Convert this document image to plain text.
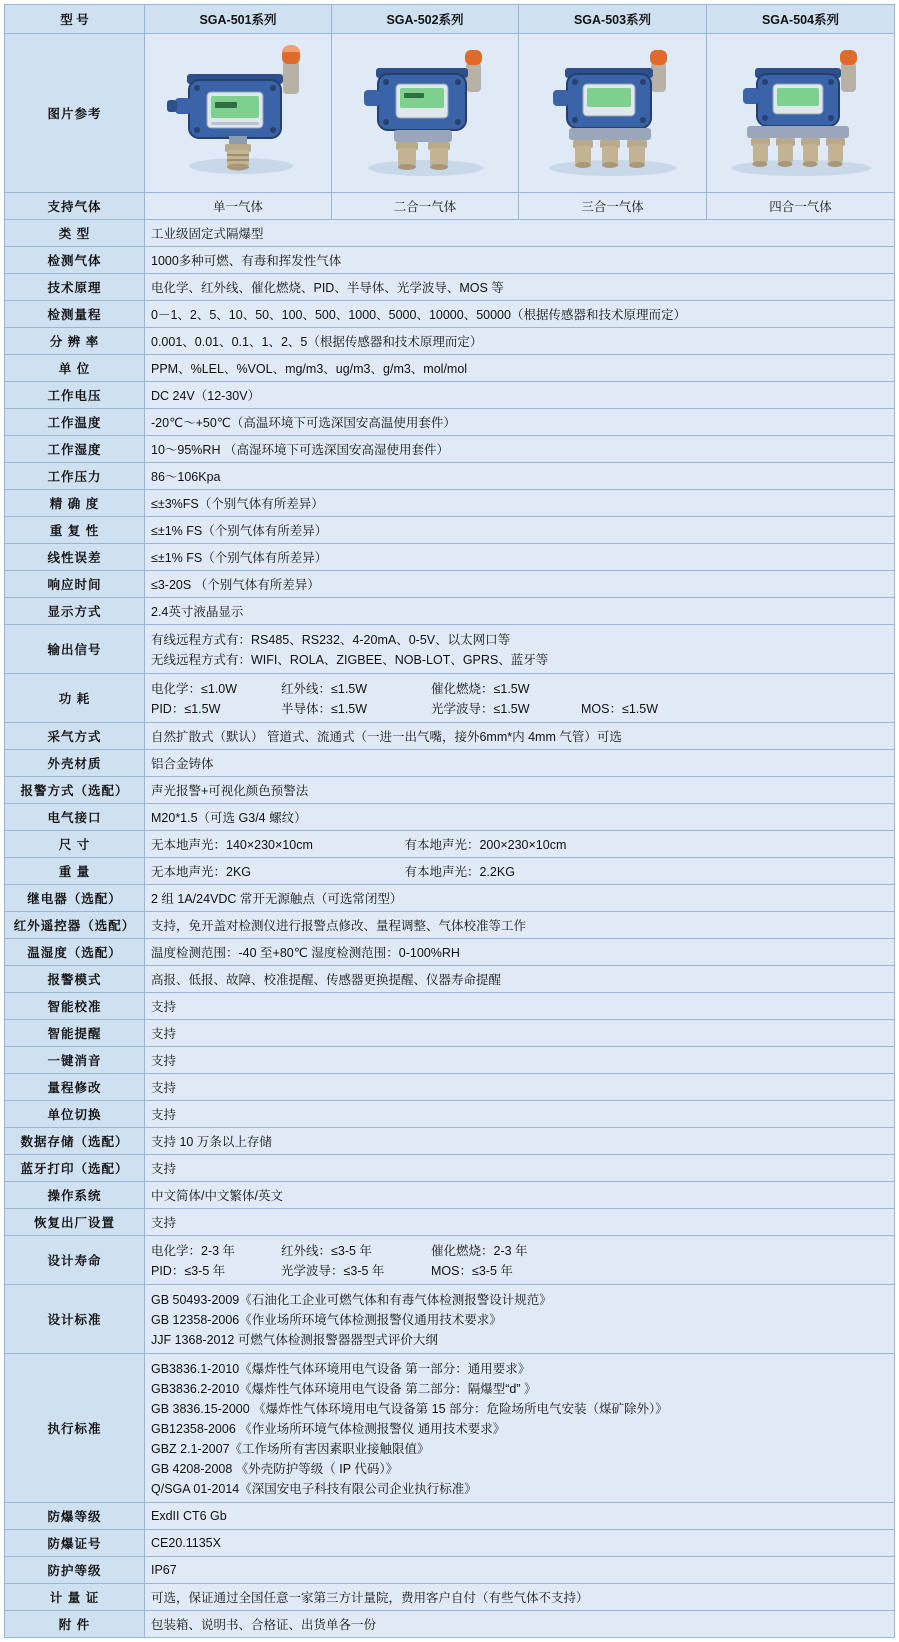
型 号	SGA-501系列	SGA-502系列	SGA-503系列	SGA-504系列
图片参考	

支持气体	单一气体	二合一气体	三合一气体	四合一气体
类 型	工业级固定式隔爆型			
检测气体	1000多种可燃、有毒和挥发性气体			
技术原理	电化学、红外线、催化燃烧、PID、半导体、光学波导、MOS 等			
检测量程	0－1、2、5、10、50、100、500、1000、5000、10000、50000（根据传感器和技术原理而定）			
分 辨 率	0.001、0.01、0.1、1、2、5（根据传感器和技术原理而定）			
单 位	PPM、%LEL、%VOL、mg/m3、ug/m3、g/m3、mol/mol			
工作电压	DC 24V（12-30V）			
工作温度	-20℃～+50℃（高温环境下可选深国安高温使用套件）			
工作湿度	10～95%RH （高湿环境下可选深国安高湿使用套件）			
工作压力	86～106Kpa			
精 确 度	≤±3%FS（个别气体有所差异）			
重 复 性	≤±1% FS（个别气体有所差异）			
线性误差	≤±1% FS（个别气体有所差异）			
响应时间	≤3-20S （个别气体有所差异）			
显示方式	2.4英寸液晶显示			
输出信号	有线远程方式有：RS485、RS232、4-20mA、0-5V、以太网口等
无线远程方式有：WIFI、ROLA、ZIGBEE、NOB-LOT、GPRS、蓝牙等			

功 耗	
电化学：≤1.0W	红外线：≤1.5W	催化燃烧：≤1.5W
PID：≤1.5W	半导体：≤1.5W	光学波导：≤1.5W	MOS：≤1.5W

采气方式	自然扩散式（默认） 管道式、流通式（一进一出气嘴，接外6mm*内 4mm 气管）可选			
外壳材质	铝合金铸体			
报警方式（选配）	声光报警+可视化颜色预警法			
电气接口	M20*1.5（可选 G3/4 螺纹）			
尺 寸	无本地声光：140×230×10cm 有本地声光：200×230×10cm			
重 量	无本地声光：2KG 有本地声光：2.2KG			
继电器（选配）	2 组 1A/24VDC 常开无源触点（可选常闭型）			
红外遥控器（选配）	支持，免开盖对检测仪进行报警点修改、量程调整、气体校准等工作			
温湿度（选配）	温度检测范围：-40 至+80℃ 湿度检测范围：0-100%RH			
报警模式	高报、低报、故障、校准提醒、传感器更换提醒、仪器寿命提醒			
智能校准	支持			
智能提醒	支持			
一键消音	支持			
量程修改	支持			
单位切换	支持			
数据存储（选配）	支持 10 万条以上存储			
蓝牙打印（选配）	支持			
操作系统	中文简体/中文繁体/英文			
恢复出厂设置	支持			
设计寿命	
电化学：2-3 年	红外线：≤3-5 年	催化燃烧：2-3 年
PID：≤3-5 年	光学波导：≤3-5 年	MOS：≤3-5 年

设计标准	GB 50493-2009《石油化工企业可燃气体和有毒气体检测报警设计规范》
GB 12358-2006《作业场所环境气体检测报警仪通用技术要求》
JJF 1368-2012 可燃气体检测报警器器型式评价大纲			

执行标准	
GB3836.1-2010《爆炸性气体环境用电气设备 第一部分：通用要求》
GB3836.2-2010《爆炸性气体环境用电气设备 第二部分：隔爆型“d” 》
GB 3836.15-2000 《爆炸性气体环境用电气设备第 15 部分：危险场所电气安装（煤矿除外）》
GB12358-2006 《作业场所环境气体检测报警仪 通用技术要求》
GBZ 2.1-2007《工作场所有害因素职业接触限值》
GB 4208-2008 《外壳防护等级（ IP 代码）》
Q/SGA 01-2014《深国安电子科技有限公司企业执行标准》

防爆等级	ExdII CT6 Gb			
防爆证号	CE20.1135X			
防护等级	IP67			
计 量 证	可选，保证通过全国任意一家第三方计量院，费用客户自付（有些气体不支持）			
附 件	包装箱、说明书、合格证、出货单各一份			
